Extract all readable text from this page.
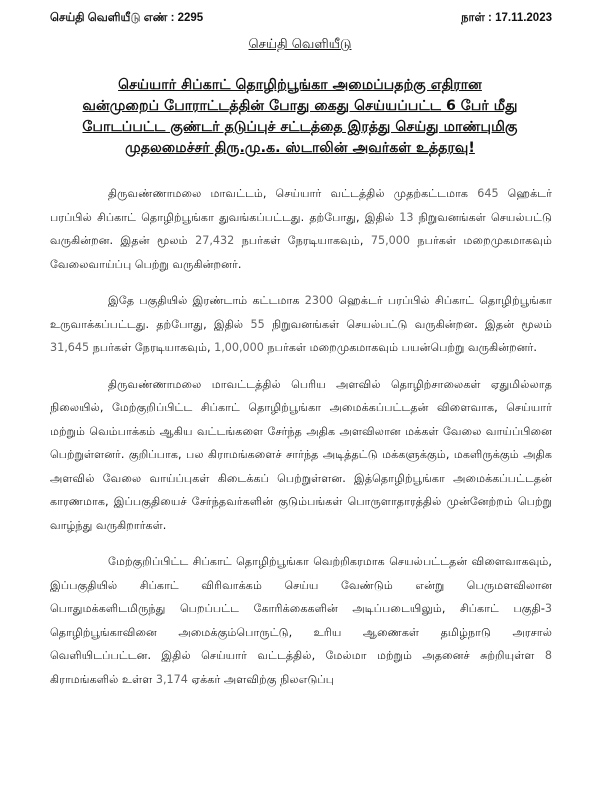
செய்தி வெளியீடு எண் : 2295	நாள் : 17.11.2023
செய்தி வெளியீடு
செய்யார் சிப்காட் தொழிற்பூங்கா அமைப்பதற்கு எதிரான
வன்முறைப் போராட்டத்தின் போது கைது செய்யப்பட்ட 6 பேர் மீது
போடப்பட்ட குண்டர் தடுப்புச் சட்டத்தை இரத்து செய்து மாண்புமிகு
முதலமைச்சர் திரு.மு.க. ஸ்டாலின் அவர்கள் உத்தரவு!

திருவண்ணாமலை மாவட்டம், செய்யார் வட்டத்தில் முதற்கட்டமாக 645 ஹெக்டர் பரப்பில் சிப்காட் தொழிற்பூங்கா துவங்கப்பட்டது. தற்போது, இதில் 13 நிறுவனங்கள் செயல்பட்டு வருகின்றன. இதன் மூலம் 27,432 நபர்கள் நேரடியாகவும், 75,000 நபர்கள் மறைமுகமாகவும் வேலைவாய்ப்பு பெற்று வருகின்றனர்.

இதே பகுதியில் இரண்டாம் கட்டமாக 2300 ஹெக்டர் பரப்பில் சிப்காட் தொழிற்பூங்கா உருவாக்கப்பட்டது. தற்போது, இதில் 55 நிறுவனங்கள் செயல்பட்டு வருகின்றன. இதன் மூலம் 31,645 நபர்கள் நேரடியாகவும், 1,00,000 நபர்கள் மறைமுகமாகவும் பயன்பெற்று வருகின்றனர்.

திருவண்ணாமலை மாவட்டத்தில் பெரிய அளவில் தொழிற்சாலைகள் ஏதுமில்லாத நிலையில், மேற்குறிப்பிட்ட சிப்காட் தொழிற்பூங்கா அமைக்கப்பட்டதன் விளைவாக, செய்யார் மற்றும் வெம்பாக்கம் ஆகிய வட்டங்களை சேர்ந்த அதிக அளவிலான மக்கள் வேலை வாய்ப்பினை பெற்றுள்ளனர். குறிப்பாக, பல கிராமங்களைச் சார்ந்த அடித்தட்டு மக்களுக்கும், மகளிருக்கும் அதிக அளவில் வேலை வாய்ப்புகள் கிடைக்கப் பெற்றுள்ளன. இத்தொழிற்பூங்கா அமைக்கப்பட்டதன் காரணமாக, இப்பகுதியைச் சேர்ந்தவர்களின் குடும்பங்கள் பொருளாதாரத்தில் முன்னேற்றம் பெற்று வாழ்ந்து வருகிறார்கள்.

மேற்குறிப்பிட்ட சிப்காட் தொழிற்பூங்கா வெற்றிகரமாக செயல்பட்டதன் விளைவாகவும், இப்பகுதியில் சிப்காட் விரிவாக்கம் செய்ய வேண்டும் என்று பெருமளவிலான பொதுமக்களிடமிருந்து பெறப்பட்ட கோரிக்கைகளின் அடிப்படையிலும், சிப்காட் பகுதி-3 தொழிற்பூங்காவினை அமைக்கும்பொருட்டு, உரிய ஆணைகள் தமிழ்நாடு அரசால் வெளியிடப்பட்டன. இதில் செய்யார் வட்டத்தில், மேல்மா மற்றும் அதனைச் சுற்றியுள்ள 8 கிராமங்களில் உள்ள 3,174 ஏக்கர் அளவிற்கு நிலஎடுப்பு
